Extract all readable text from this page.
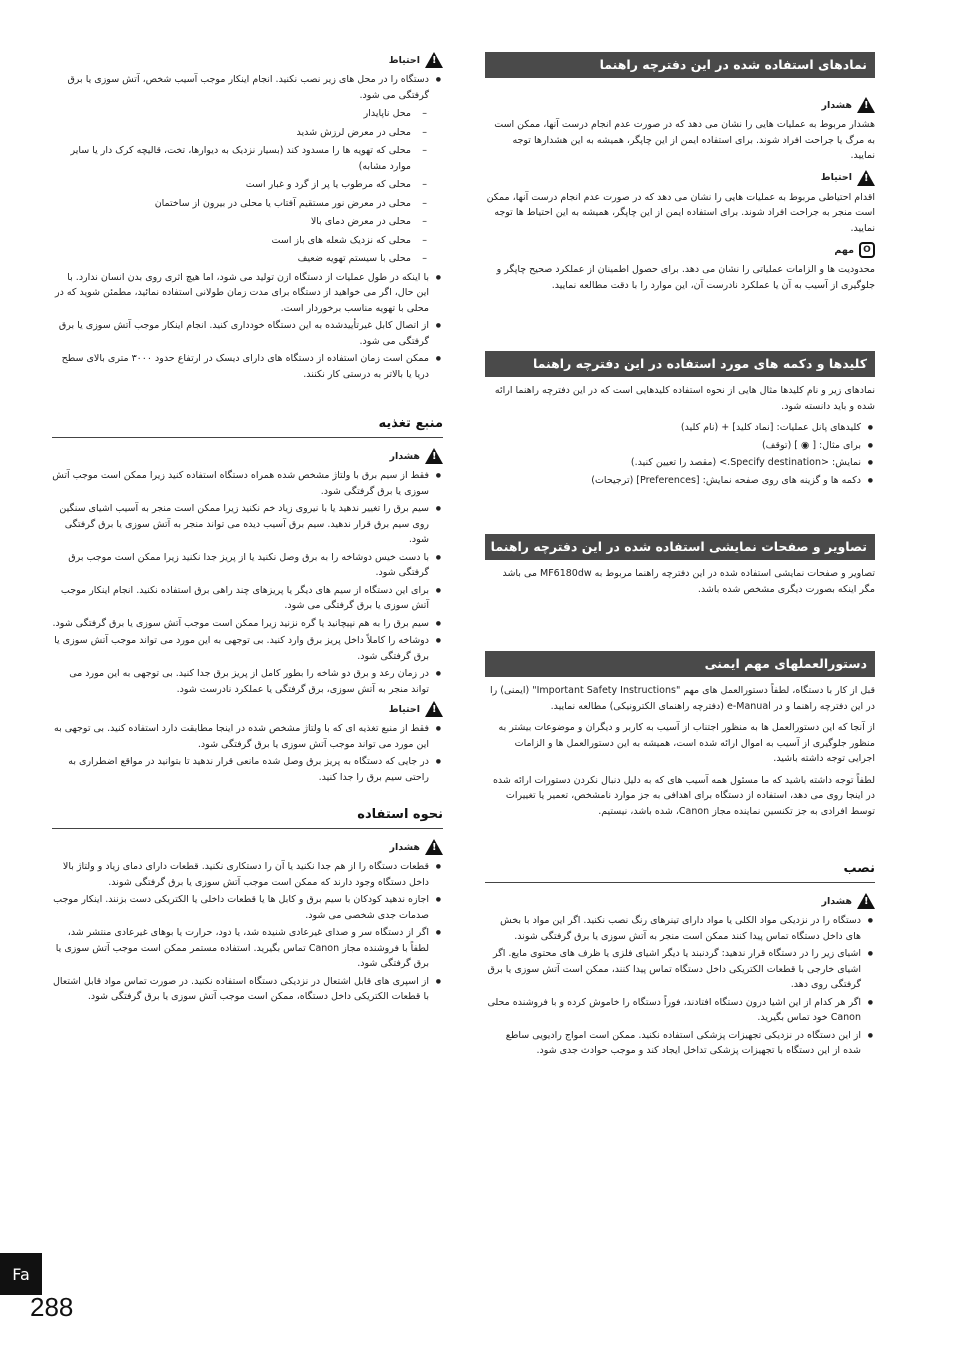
نمادهای استفاده شده در این دفترچه راهنما
!
هشدار

هشدار مربوط به عملیات هایی را نشان می دهد که در صورت عدم انجام درست آنها، ممکن است به مرگ یا جراحت افراد شوند. برای استفاده ایمن از این چاپگر، همیشه به این هشدارها توجه نمایید.

!
احتیاط

اقدام احتیاطی مربوط به عملیات هایی را نشان می دهد که در صورت عدم انجام درست آنها، ممکن است منجر به جراحت افراد شوند. برای استفاده ایمن از این چاپگر، همیشه به این احتیاط ها توجه نمایید.

O
مهم

محدودیت ها و الزامات عملیاتی را نشان می دهد. برای حصول اطمینان از عملکرد صحیح چاپگر و جلوگیری از آسیب به آن یا عملکرد نادرست آن، این موارد را با دقت مطالعه نمایید.

کلیدها و دکمه های مورد استفاده در این دفترچه راهنما

نمادهای زیر و نام کلیدها مثال هایی از نحوه استفاده کلیدهایی است که در این دفترچه راهنما ارائه شده و باید دانسته شود.

● کلیدهای پانل عملیات: [نماد کلید] + (نام کلید)
● برای مثال: [ ◉ ] (توقف)
● نمایش: <Specify destination.> (مقصد را تعیین کنید.)
● دکمه ها و گزینه های روی صفحه نمایش: [Preferences] (ترجیحات)
تصاویر و صفحات نمایشی استفاده شده در این دفترچه راهنما

تصاویر و صفحات نمایشی استفاده شده در این دفترچه راهنما مربوط به MF6180dw می باشد مگر اینکه بصورت دیگری مشخص شده باشد.

دستورالعملهای مهم ایمنی

قبل از کار با دستگاه، لطفاً دستورالعمل های مهم "Important Safety Instructions" (ایمنی) را در این دفترچه راهنما و در e-Manual (دفترچه راهنمای الکترونیکی) مطالعه نمایید.

از آنجا که این دستورالعمل ها به منظور اجتناب از آسیب به کاربر و دیگران و موضوعات بیشتر به منظور جلوگیری از آسیب به اموال ارائه شده است، همیشه به این دستورالعمل ها و الزامات اجرایی توجه داشته باشید.

لطفاً توجه داشته باشید که ما مسئول همه آسیب های که به دلیل دنبال نکردن دستورات ارائه شده در اینجا روی می دهد، استفاده از دستگاه برای اهدافی به جز موارد نامشخص، تعمیر یا تغییرات توسط افرادی به جز تکنسین نماینده مجاز Canon، شده باشد، نیستیم.

نصب
!
هشدار
● دستگاه را در نزدیکی مواد الکلی یا مواد دارای تینرهای رنگ نصب نکنید. اگر این مواد با بخش های داخل دستگاه تماس پیدا کنند ممکن است منجر به آتش سوزی یا برق گرفتگی شوند.
● اشیای زیر را در دستگاه قرار ندهید: گردنبند یا دیگر اشیای فلزی یا ظرف های محتوی مایع. اگر اشیای خارجی با قطعات الکتریکی داخل دستگاه تماس پیدا کنند، ممکن است آتش سوزی یا برق گرفتگی روی دهد.
● اگر هر کدام از این اشیا درون دستگاه افتادند، فوراً دستگاه را خاموش کرده و با فروشنده محلی Canon خود تماس بگیرید.
● از این دستگاه در نزدیکی تجهیزات پزشکی استفاده نکنید. ممکن است امواج رادیویی ساطع شده از این دستگاه با تجهیزات پزشکی تداخل ایجاد کند و موجب حوادث جدی شود.
!
احتیاط
● دستگاه را در محل های زیر نصب نکنید. انجام اینکار موجب آسیب شخص، آتش سوزی یا برق گرفتگی می شود.
– محل ناپایدار
– محلی در معرض لرزش شدید
– محلی که تهویه ها را مسدود کند (بسیار نزدیک به دیوارها، تخت، قالیچه کرک دار یا سایر موارد مشابه)
– محلی که مرطوب یا پر از گرد و غبار است
– محلی در معرض نور مستقیم آفتاب یا محلی در بیرون از ساختمان
– محلی در معرض دمای بالا
– محلی که نزدیک شعله های باز است
– محلی با سیستم تهویه ضعیف
● با اینکه در طول عملیات از دستگاه ازن تولید می شود، اما هیچ اثری روی بدن انسان ندارد. با این حال، اگر می خواهید از دستگاه برای مدت زمان طولانی استفاده نمائید، مطمئن شوید که در محلی با تهویه مناسب برخوردار است.
● از اتصال کابل غیرتأییدشده به این دستگاه خودداری کنید. انجام اینکار موجب آتش سوزی یا برق گرفتگی می شود.
● ممکن است زمان استفاده از دستگاه های دارای دیسک در ارتفاع حدود ۳۰۰۰ متری بالای سطح دریا یا بالاتر به درستی کار نکنند.
منبع تغذیه
!
هشدار
● فقط از سیم برق با ولتاژ مشخص شده همراه دستگاه استفاده کنید زیرا ممکن است موجب آتش سوزی یا برق گرفتگی شود.
● سیم برق را تغییر ندهید یا با نیروی زیاد خم نکنید زیرا ممکن است منجر به آسیب اشیای سنگین روی سیم برق قرار ندهید. سیم برق آسیب دیده می تواند منجر به آتش سوزی یا برق گرفتگی شود.
● با دست خیس دوشاخه را به برق وصل نکنید یا از پریز جدا نکنید زیرا ممکن است موجب برق گرفتگی شود.
● برای این دستگاه از سیم های دیگر یا پریزهای چند راهی برق استفاده نکنید. انجام اینکار موجب آتش سوزی یا برق گرفتگی می شود.
● سیم برق را به هم نپیچانید یا گره نزنید زیرا ممکن است موجب آتش سوزی یا برق گرفتگی شود.
● دوشاخه را کاملاً داخل پریز برق وارد کنید. بی توجهی به این مورد می تواند موجب آتش سوزی یا برق گرفتگی شود.
● در زمان رعد و برق دو شاخه را بطور کامل از پریز برق جدا کنید. بی توجهی به این مورد می تواند منجر به آتش سوزی، برق گرفتگی یا عملکرد نادرست شود.
!
احتیاط
● فقط از منبع تغذیه ای که با ولتاژ مشخص شده در اینجا مطابقت دارد استفاده کنید. بی توجهی به این مورد می تواند موجب آتش سوزی یا برق گرفتگی شود.
● در جایی که دستگاه به پریز برق وصل شده مانعی قرار ندهید تا بتوانید در مواقع اضطراری به راحتی سیم برق را جدا کنید.
نحوه استفاده
!
هشدار
● قطعات دستگاه را از هم جدا نکنید یا آن را دستکاری نکنید. قطعات دارای دمای زیاد و ولتاژ بالا داخل دستگاه وجود دارند که ممکن است موجب آتش سوزی یا برق گرفتگی شوند.
● اجازه ندهید کودکان با سیم برق و کابل ها یا قطعات داخلی یا الکتریکی دست بزنند. اینکار موجب صدمات جدی شخصی می شود.
● اگر از دستگاه سر و صدای غیرعادی شنیده شد، یا دود، حرارت یا بوهای غیرعادی منتشر شد، لطفاً با فروشنده مجاز Canon تماس بگیرید. استفاده مستمر ممکن است موجب آتش سوزی یا برق گرفتگی شود.
● از اسپری های قابل اشتعال در نزدیکی دستگاه استفاده نکنید. در صورت تماس مواد قابل اشتعال با قطعات الکتریکی داخل دستگاه، ممکن است موجب آتش سوزی یا برق گرفتگی شود.
Fa
288
